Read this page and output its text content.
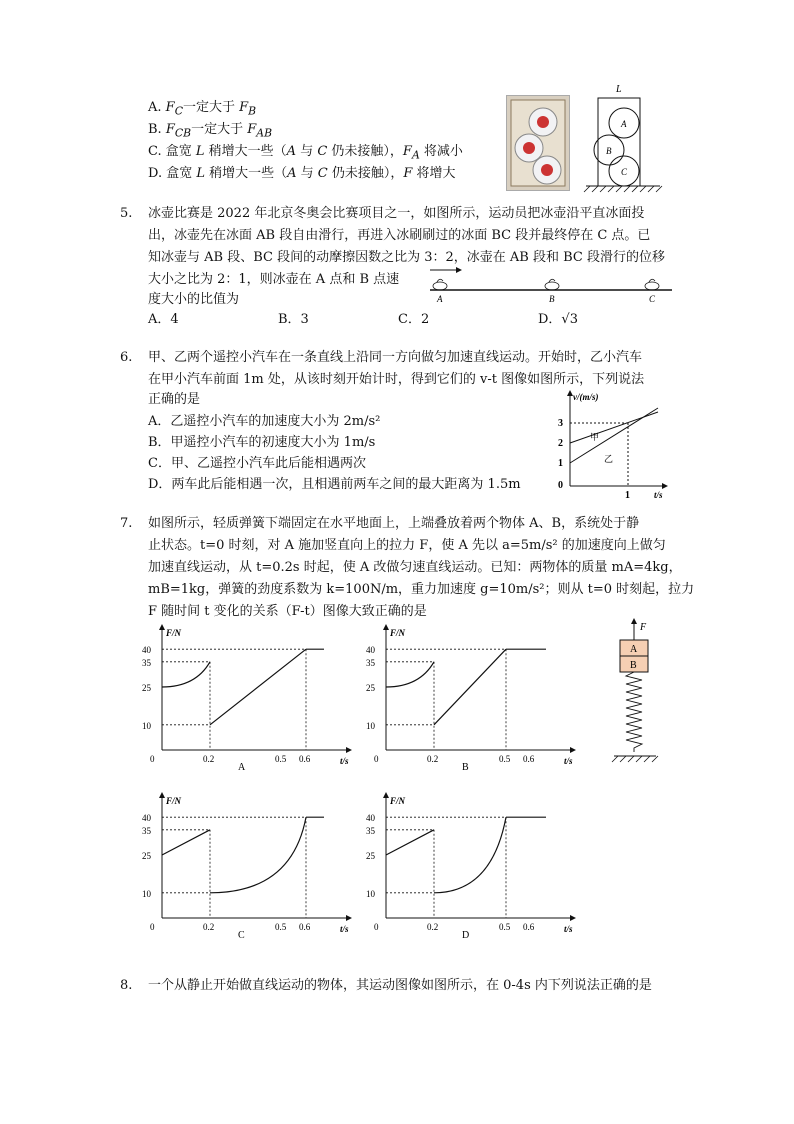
A. $F_C$一定大于 $F_B$
B. $F_{CB}$一定大于 $F_{AB}$
C. 盒宽 L 稍增大一些（A 与 C 仍未接触），$F_A$ 将减小
D. 盒宽 L 稍增大一些（A 与 C 仍未接触），F 将增大
L
A
B
C
5. 冰壶比赛是 2022 年北京冬奥会比赛项目之一，如图所示，运动员把冰壶沿平直冰面投
出，冰壶先在冰面 AB 段自由滑行，再进入冰刷刷过的冰面 BC 段并最终停在 C 点。已
知冰壶与 AB 段、BC 段间的动摩擦因数之比为 3：2，冰壶在 AB 段和 BC 段滑行的位移
大小之比为 2：1，则冰壶在 A 点和 B 点速
度大小的比值为
A．4	B．3	C．2	D．√3
A	B	C
6. 甲、乙两个遥控小汽车在一条直线上沿同一方向做匀加速直线运动。开始时，乙小汽车
在甲小汽车前面 1m 处，从该时刻开始计时，得到它们的 v-t 图像如图所示，下列说法
正确的是
A．乙遥控小汽车的加速度大小为 2m/s²
B．甲遥控小汽车的初速度大小为 1m/s
C．甲、乙遥控小汽车此后能相遇两次
D．两车此后能相遇一次，且相遇前两车之间的最大距离为 1.5m
v/(m/s)
t/s
3
2
1
0
1
甲
乙
7. 如图所示，轻质弹簧下端固定在水平地面上，上端叠放着两个物体 A、B，系统处于静
止状态。t=0 时刻，对 A 施加竖直向上的拉力 F，使 A 先以 a=5m/s² 的加速度向上做匀
加速直线运动，从 t=0.2s 时起，使 A 改做匀速直线运动。已知：两物体的质量 mA=4kg，
mB=1kg，弹簧的劲度系数为 k=100N/m，重力加速度 g=10m/s²；则从 t=0 时刻起，拉力
F 随时间 t 变化的关系（F-t）图像大致正确的是
F/N
t/s
40
35
25
10
0	0.2	0.5 0.6
A
F/N
t/s
40
35
25
10
0	0.2	0.5 0.6
B
F/N
t/s
40
35
25
10
0	0.2	0.5 0.6
C
F/N
t/s
40
35
25
10
0	0.2	0.5 0.6
D
F
A
B
8. 一个从静止开始做直线运动的物体，其运动图像如图所示，在 0-4s 内下列说法正确的是
